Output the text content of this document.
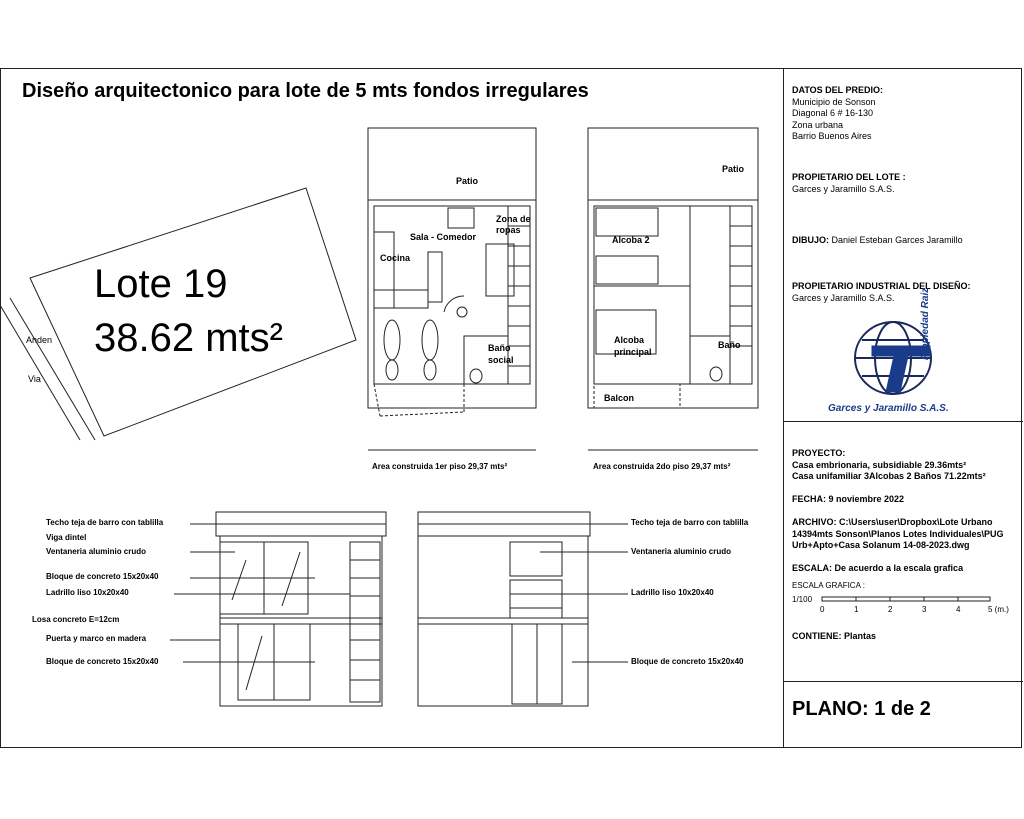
Diseño arquitectonico para lote de 5 mts fondos irregulares
Lote 19
38.62 mts²
Anden
Via
Patio
Sala - Comedor
Cocina
Zona de ropas
Baño social
Area construida 1er piso 29,37 mts²
Patio
Alcoba 2
Alcoba principal
Baño
Balcon
Area construida 2do piso 29,37 mts²
Techo teja de barro con tablilla
Viga dintel
Ventaneria aluminio crudo
Bloque de concreto 15x20x40
Ladrillo liso 10x20x40
Losa concreto E=12cm
Puerta y marco en madera
Bloque de concreto 15x20x40
Techo teja de barro con tablilla
Ventaneria aluminio crudo
Ladrillo liso 10x20x40
Bloque de concreto 15x20x40
DATOS DEL PREDIO:
Municipio de Sonson
Diagonal 6 # 16-130
Zona urbana
Barrio Buenos Aires
PROPIETARIO DEL LOTE :
Garces y Jaramillo S.A.S.
DIBUJO: Daniel Esteban Garces Jaramillo
PROPIETARIO INDUSTRIAL DEL DISEÑO:
Garces y Jaramillo S.A.S.
Garces y Jaramillo S.A.S.
Propiedad Raiz
PROYECTO:
Casa embrionaria, subsidiable 29.36mts²
Casa unifamiliar 3Alcobas 2 Baños 71.22mts²
FECHA: 9 noviembre 2022
ARCHIVO: C:\Users\user\Dropbox\Lote Urbano
14394mts Sonson\Planos Lotes Individuales\PUG
Urb+Apto+Casa Solanum 14-08-2023.dwg
ESCALA: De acuerdo a la escala grafica
ESCALA GRAFICA :
1/100
0	1	2	3	4	5 (m.)
CONTIENE: Plantas
PLANO: 1 de 2
